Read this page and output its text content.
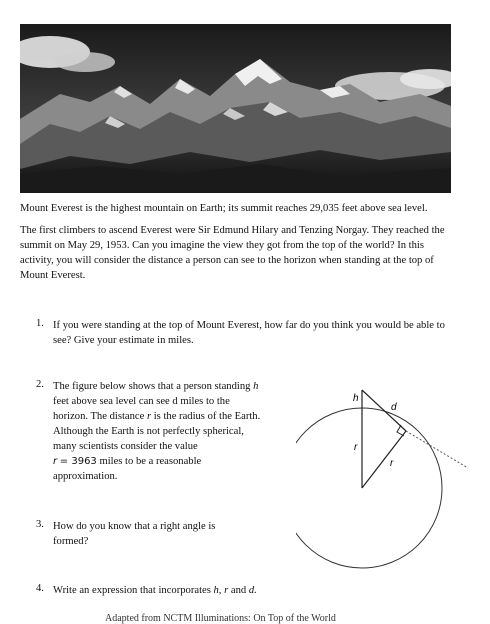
Mount Everest is the highest mountain on Earth; its summit reaches 29,035 feet above sea level.
The first climbers to ascend Everest were Sir Edmund Hilary and Tenzing Norgay. They reached the summit on May 29, 1953. Can you imagine the view they got from the top of the world? In this activity, you will consider the distance a person can see to the horizon when standing at the top of Mount Everest.
1. If you were standing at the top of Mount Everest, how far do you think you would be able to see? Give your estimate in miles.
2. The figure below shows that a person standing h feet above sea level can see d miles to the horizon. The distance r is the radius of the Earth. Although the Earth is not perfectly spherical, many scientists consider the value
r = 3963 miles to be a reasonable approximation.
h
d
r
r
3. How do you know that a right angle is formed?
4. Write an expression that incorporates h, r and d.
Adapted from NCTM Illuminations: On Top of the World
